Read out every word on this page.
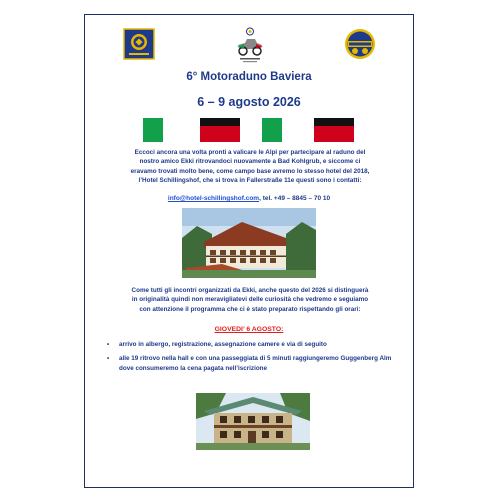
6° Motoraduno Baviera
6 – 9 agosto 2026

Eccoci ancora una volta pronti a valicare le Alpi per partecipare al raduno del
nostro amico Ekki ritrovandoci nuovamente a Bad Kohlgrub, e siccome ci
eravamo trovati molto bene, come campo base avremo lo stesso hotel del 2018,
l’Hotel Schillingshof, che si trova in Fallerstraße 11e questi sono i contatti:

info@hotel-schillingshof.com, tel. +49 – 8845 – 70 10

Come tutti gli incontri organizzati da Ekki, anche questo del 2026 si distinguerà
in originalità quindi non meravigliatevi delle curiosità che vedremo e seguiamo
con attenzione il programma che ci è stato preparato rispettando gli orari:

GIOVEDI’ 6 AGOSTO:
• arrivo in albergo, registrazione, assegnazione camere e via di seguito
• alle 19 ritrovo nella hall e con una passeggiata di 5 minuti raggiungeremo Guggenberg Alm dove consumeremo la cena pagata nell’iscrizione
